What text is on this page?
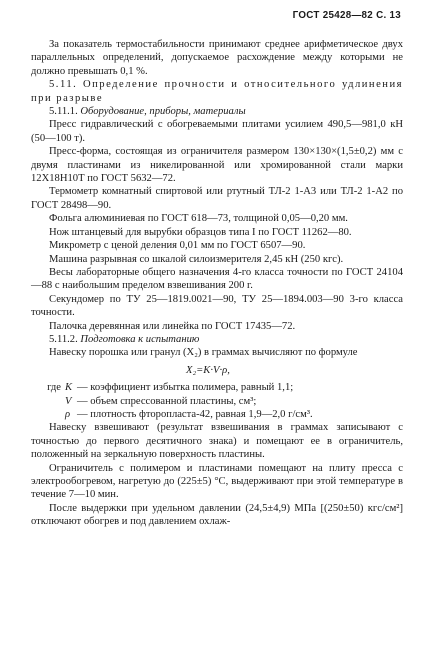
ГОСТ 25428—82 С. 13

За показатель термостабильности принимают среднее арифметическое двух параллельных определений, допускаемое расхождение между которыми не должно превышать 0,1 %.

5.11. Определение прочности и относительного удлинения при разрыве

5.11.1. Оборудование, приборы, материалы

Пресс гидравлический с обогреваемыми плитами усилием 490,5—981,0 кН (50—100 т).

Пресс-форма, состоящая из ограничителя размером 130×130×(1,5±0,2) мм с двумя пластинами из никелированной или хромированной стали марки 12Х18Н10Т по ГОСТ 5632—72.

Термометр комнатный спиртовой или ртутный ТЛ-2 1-А3 или ТЛ-2 1-А2 по ГОСТ 28498—90.

Фольга алюминиевая по ГОСТ 618—73, толщиной 0,05—0,20 мм.

Нож штанцевый для вырубки образцов типа I по ГОСТ 11262—80.

Микрометр с ценой деления 0,01 мм по ГОСТ 6507—90.

Машина разрывная со шкалой силоизмерителя 2,45 кН (250 кгс).

Весы лабораторные общего назначения 4-го класса точности по ГОСТ 24104—88 с наибольшим пределом взвешивания 200 г.

Секундомер по ТУ 25—1819.0021—90, ТУ 25—1894.003—90 3-го класса точности.

Палочка деревянная или линейка по ГОСТ 17435—72.

5.11.2. Подготовка к испытанию

Навеску порошка или гранул (X₂) в граммах вычисляют по формуле

X₂=K·V·ρ,
где K — коэффициент избытка полимера, равный 1,1;
V — объем спрессованной пластины, см³;
ρ — плотность фторопласта-42, равная 1,9—2,0 г/см³.

Навеску взвешивают (результат взвешивания в граммах записывают с точностью до первого десятичного знака) и помещают ее в ограничитель, положенный на зеркальную поверхность пластины.

Ограничитель с полимером и пластинами помещают на плиту пресса с электрообогревом, нагретую до (225±5) °С, выдерживают при этой температуре в течение 7—10 мин.

После выдержки при удельном давлении (24,5±4,9) МПа [(250±50) кгс/см²] отключают обогрев и под давлением охлаж-
